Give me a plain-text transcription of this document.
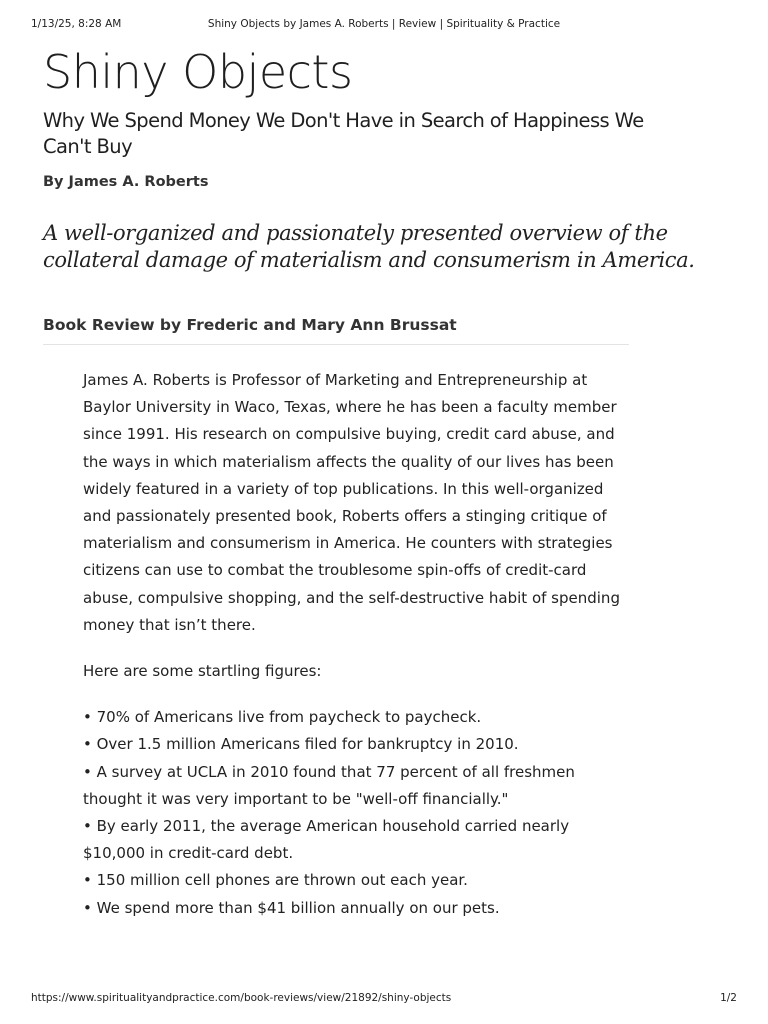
1/13/25, 8:28 AM	Shiny Objects by James A. Roberts | Review | Spirituality & Practice
Shiny Objects
Why We Spend Money We Don't Have in Search of Happiness We Can't Buy

By James A. Roberts

A well-organized and passionately presented overview of the collateral damage of materialism and consumerism in America.

Book Review by Frederic and Mary Ann Brussat

James A. Roberts is Professor of Marketing and Entrepreneurship at Baylor University in Waco, Texas, where he has been a faculty member since 1991. His research on compulsive buying, credit card abuse, and the ways in which materialism affects the quality of our lives has been widely featured in a variety of top publications. In this well-organized and passionately presented book, Roberts offers a stinging critique of materialism and consumerism in America. He counters with strategies citizens can use to combat the troublesome spin-offs of credit-card abuse, compulsive shopping, and the self-destructive habit of spending money that isn’t there.

Here are some startling figures:

• 70% of Americans live from paycheck to paycheck.
• Over 1.5 million Americans filed for bankruptcy in 2010.
• A survey at UCLA in 2010 found that 77 percent of all freshmen thought it was very important to be "well-off financially."
• By early 2011, the average American household carried nearly $10,000 in credit-card debt.
• 150 million cell phones are thrown out each year.
• We spend more than $41 billion annually on our pets.
https://www.spiritualityandpractice.com/book-reviews/view/21892/shiny-objects	1/2
